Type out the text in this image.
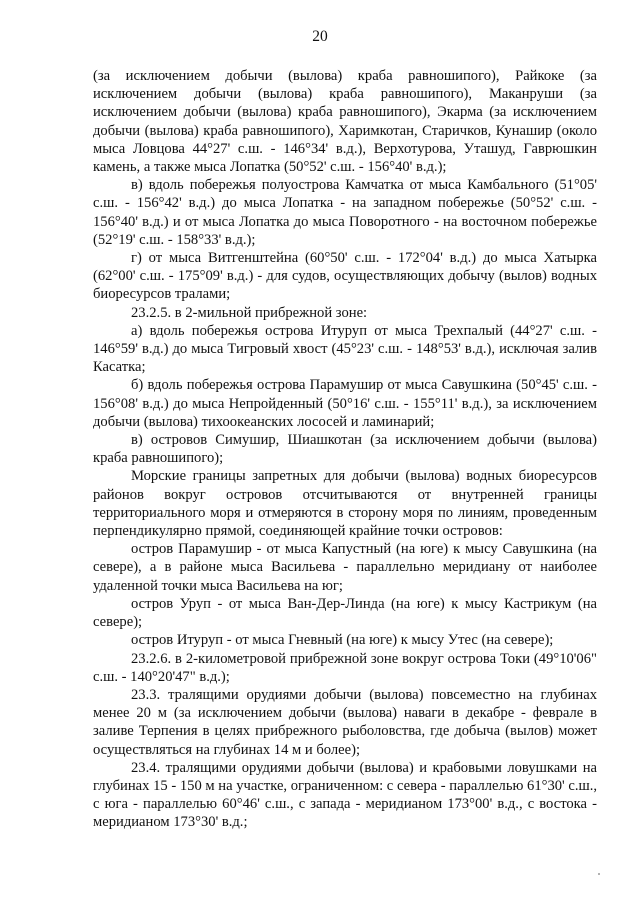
20

(за исключением добычи (вылова) краба равношипого), Райкоке (за исключением добычи (вылова) краба равношипого), Маканруши (за исключением добычи (вылова) краба равношипого), Экарма (за исключением добычи (вылова) краба равношипого), Харимкотан, Старичков, Кунашир (около мыса Ловцова 44°27' с.ш. - 146°34' в.д.), Верхотурова, Уташуд, Гаврюшкин камень, а также мыса Лопатка (50°52' с.ш. - 156°40' в.д.);

в) вдоль побережья полуострова Камчатка от мыса Камбального (51°05' с.ш. - 156°42' в.д.) до мыса Лопатка - на западном побережье (50°52' с.ш. - 156°40' в.д.) и от мыса Лопатка до мыса Поворотного - на восточном побережье (52°19' с.ш. - 158°33' в.д.);

г) от мыса Витгенштейна (60°50' с.ш. - 172°04' в.д.) до мыса Хатырка (62°00' с.ш. - 175°09' в.д.) - для судов, осуществляющих добычу (вылов) водных биоресурсов тралами;

23.2.5. в 2-мильной прибрежной зоне:

а) вдоль побережья острова Итуруп от мыса Трехпалый (44°27' с.ш. - 146°59' в.д.) до мыса Тигровый хвост (45°23' с.ш. - 148°53' в.д.), исключая залив Касатка;

б) вдоль побережья острова Парамушир от мыса Савушкина (50°45' с.ш. - 156°08' в.д.) до мыса Непройденный (50°16' с.ш. - 155°11' в.д.), за исключением добычи (вылова) тихоокеанских лососей и ламинарий;

в) островов Симушир, Шиашкотан (за исключением добычи (вылова) краба равношипого);

Морские границы запретных для добычи (вылова) водных биоресурсов районов вокруг островов отсчитываются от внутренней границы территориального моря и отмеряются в сторону моря по линиям, проведенным перпендикулярно прямой, соединяющей крайние точки островов:

остров Парамушир - от мыса Капустный (на юге) к мысу Савушкина (на севере), а в районе мыса Васильева - параллельно меридиану от наиболее удаленной точки мыса Васильева на юг;

остров Уруп - от мыса Ван-Дер-Линда (на юге) к мысу Кастрикум (на севере);

остров Итуруп - от мыса Гневный (на юге) к мысу Утес (на севере);

23.2.6. в 2-километровой прибрежной зоне вокруг острова Токи (49°10'06" с.ш. - 140°20'47" в.д.);

23.3. тралящими орудиями добычи (вылова) повсеместно на глубинах менее 20 м (за исключением добычи (вылова) наваги в декабре - феврале в заливе Терпения в целях прибрежного рыболовства, где добыча (вылов) может осуществляться на глубинах 14 м и более);

23.4. тралящими орудиями добычи (вылова) и крабовыми ловушками на глубинах 15 - 150 м на участке, ограниченном: с севера - параллелью 61°30' с.ш., с юга - параллелью 60°46' с.ш., с запада - меридианом 173°00' в.д., с востока - меридианом 173°30' в.д.;
